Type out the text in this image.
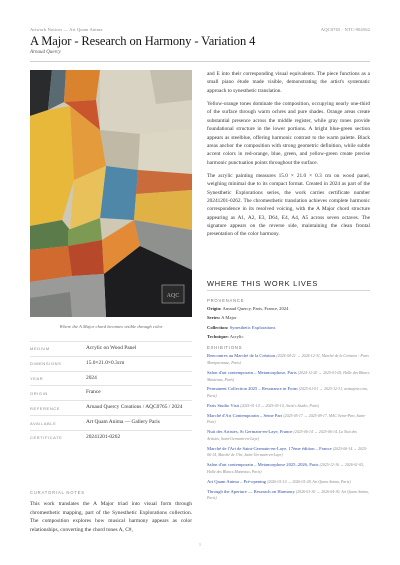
Artwork Notices — Art Quam Anima	AQC0765 · NTC-904562
A Major - Research on Harmony - Variation 4
Arnaud Quercy
AQC
Where the A Major chord becomes visible through color
MEDIUM	Acrylic on Wood Panel
DIMENSIONS	15.0×21.0×0.3cm
YEAR	2024
ORIGIN	France
REFERENCE	Arnaud Quercy Creations / AQC0765 / 2024
AVAILABLE	Art Quam Anima — Gallery Paris
CERTIFICATE	20241201-0262
CURATORIAL NOTES
This work translates the A Major triad into visual form through chromesthetic mapping, part of the Synesthetic Explorations collection. The composition explores how musical harmony appears as color relationships, converting the chord tones A, C#,

and E into their corresponding visual equivalents. The piece functions as a small piano étude made visible, demonstrating the artist's systematic approach to synesthetic translation.

Yellow-orange tones dominate the composition, occupying nearly one-third of the surface through warm ochres and pure shades. Orange areas create substantial presence across the middle register, while gray tones provide foundational structure in the lower portions. A bright blue-green section appears as steelblue, offering harmonic contrast to the warm palette. Black areas anchor the composition with strong geometric definition, while subtle accent colors in red-orange, blue, green, and yellow-green create precise harmonic punctuation points throughout the surface.

The acrylic painting measures 15.0 × 21.0 × 0.3 cm on wood panel, weighing minimal due to its compact format. Created in 2024 as part of the Synesthetic Explorations series, the work carries certificate number 20241201-0262. The chromesthetic translation achieves complete harmonic correspondence in its resolved voicing, with the A Major chord structure appearing as A1, A2, E3, D64, E4, A4, A5 across seven octaves. The signature appears on the reverse side, maintaining the clean frontal presentation of the color harmony.

WHERE THIS WORK LIVES
PROVENANCE
Origin: Arnaud Quercy, Paris, France, 2024
Series: A Major
Collection: Synesthetic Explorations
Technique: Acrylic
EXHIBITIONS
Rencontres au Marché de la Création (2024-04-21 → 2024-12-31, Marché de la Création - Paris Montparnasse, Paris)
Salon d'art contemporain – Metamorphose, Paris (2024-12-20 → 2025-01-05, Halle des Blancs Manteaux, Paris)
Permanent Collection 2025 – Resonance in Form (2025-01-01 → 2025-12-31, artmajeur.com, Paris)
Paris Studio Visit (2025-01-14 → 2025-03-14, Artist's Studio, Paris)
Marché d'Art Contemporain – Seine Part (2025-05-17 → 2025-09-17, MAC Seine-Part, Saint-Pont)
Nuit des Artistes, St Germain-en-Laye, France (2025-06-14 → 2025-06-14, La Nuit des Artistes, Saint-Germain-en-Laye)
Marché de l'Art de Saint-Germain-en-Laye, 17ème édition – France (2025-06-14 → 2025-06-14, Marché de l'Art, Saint-Germain-en-Laye)
Salon d'art contemporain – Metamorphose 2025–2026, Paris (2025-12-16 → 2026-01-05, Halle des Blancs Manteaux, Paris)
Art Quam Anima – Pré-opening (2026-01-10 → 2026-01-28, Art Quam Anima, Paris)
Through the Aperture — Research on Harmony (2026-01-30 → 2026-04-30, Art Quam Anima, Paris)
1
